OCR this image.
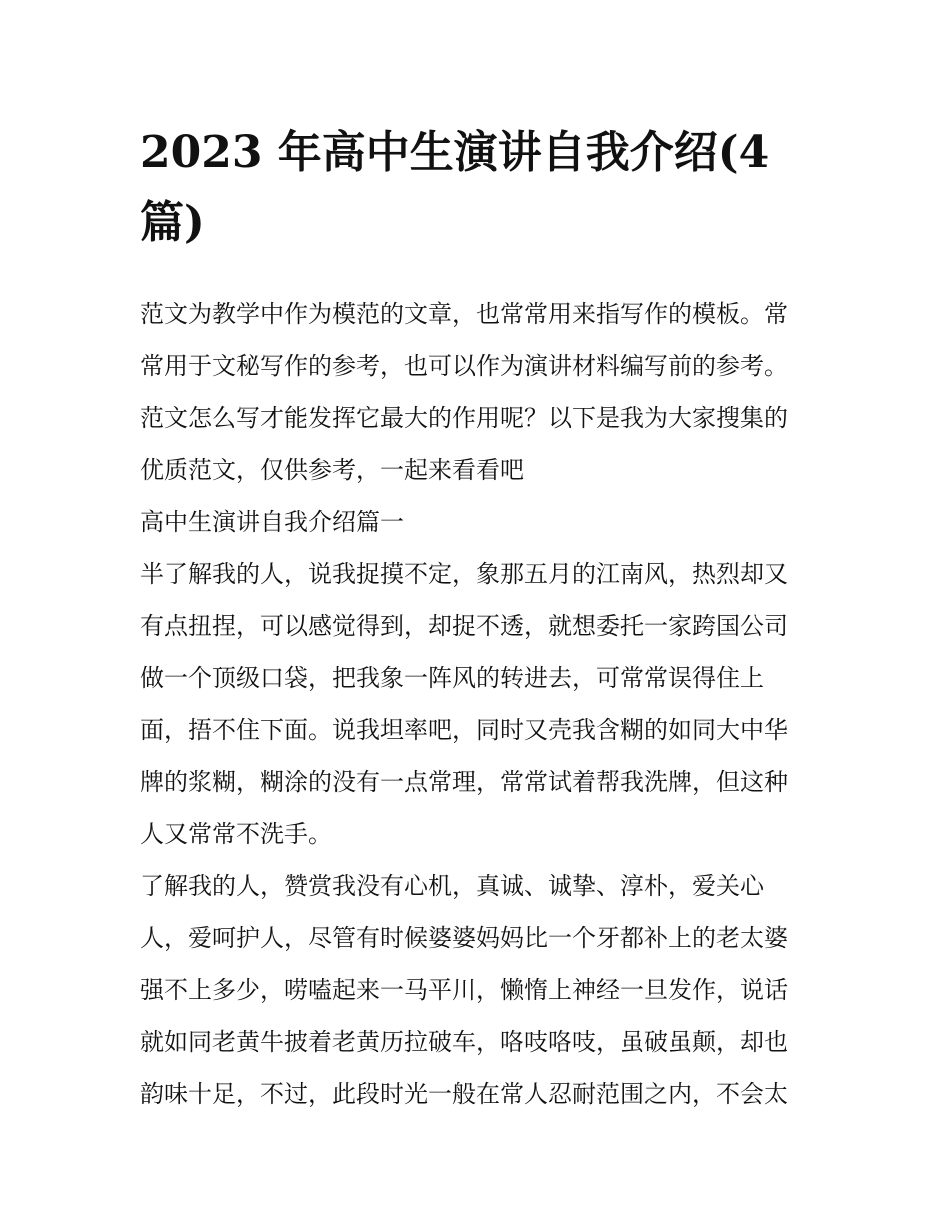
2023 年高中生演讲自我介绍(4
篇)
范文为教学中作为模范的文章，也常常用来指写作的模板。常
常用于文秘写作的参考，也可以作为演讲材料编写前的参考。
范文怎么写才能发挥它最大的作用呢？以下是我为大家搜集的
优质范文，仅供参考，一起来看看吧
高中生演讲自我介绍篇一
半了解我的人，说我捉摸不定，象那五月的江南风，热烈却又
有点扭捏，可以感觉得到，却捉不透，就想委托一家跨国公司
做一个顶级口袋，把我象一阵风的转进去，可常常误得住上
面，捂不住下面。说我坦率吧，同时又壳我含糊的如同大中华
牌的浆糊，糊涂的没有一点常理，常常试着帮我洗牌，但这种
人又常常不洗手。
了解我的人，赞赏我没有心机，真诚、诚挚、淳朴，爱关心
人，爱呵护人，尽管有时候婆婆妈妈比一个牙都补上的老太婆
强不上多少，唠嗑起来一马平川，懒惰上神经一旦发作，说话
就如同老黄牛披着老黄历拉破车，咯吱咯吱，虽破虽颠，却也
韵味十足，不过，此段时光一般在常人忍耐范围之内，不会太
